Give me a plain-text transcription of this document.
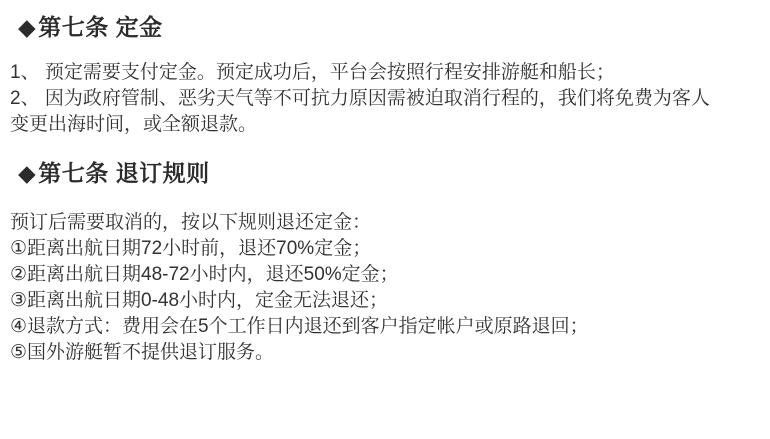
◆第七条 定金

1、 预定需要支付定金。预定成功后，平台会按照行程安排游艇和船长；

2、 因为政府管制、恶劣天气等不可抗力原因需被迫取消行程的，我们将免费为客人

变更出海时间，或全额退款。

◆第七条 退订规则

预订后需要取消的，按以下规则退还定金：

①距离出航日期72小时前，退还70%定金；

②距离出航日期48-72小时内，退还50%定金；

③距离出航日期0-48小时内，定金无法退还；

④退款方式：费用会在5个工作日内退还到客户指定帐户或原路退回；

⑤国外游艇暂不提供退订服务。
